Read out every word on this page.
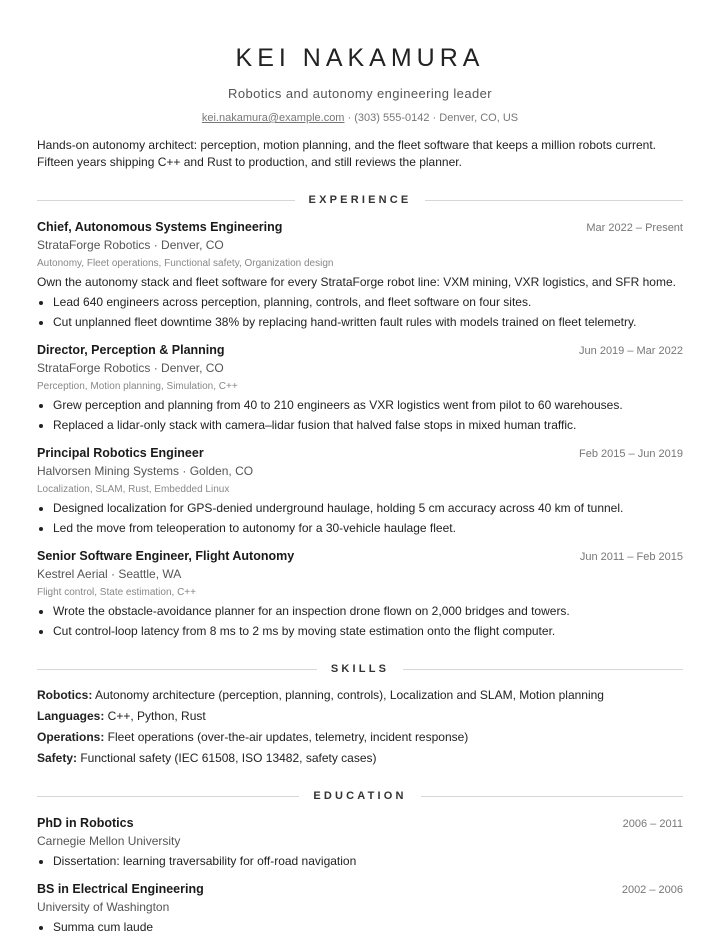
KEI NAKAMURA
Robotics and autonomy engineering leader
kei.nakamura@example.com · (303) 555-0142 · Denver, CO, US
Hands-on autonomy architect: perception, motion planning, and the fleet software that keeps a million robots current. Fifteen years shipping C++ and Rust to production, and still reviews the planner.
EXPERIENCE
Chief, Autonomous Systems Engineering	Mar 2022 – Present
StrataForge Robotics · Denver, CO
Autonomy, Fleet operations, Functional safety, Organization design
Own the autonomy stack and fleet software for every StrataForge robot line: VXM mining, VXR logistics, and SFR home.
• Lead 640 engineers across perception, planning, controls, and fleet software on four sites.
• Cut unplanned fleet downtime 38% by replacing hand-written fault rules with models trained on fleet telemetry.
Director, Perception & Planning	Jun 2019 – Mar 2022
StrataForge Robotics · Denver, CO
Perception, Motion planning, Simulation, C++
• Grew perception and planning from 40 to 210 engineers as VXR logistics went from pilot to 60 warehouses.
• Replaced a lidar-only stack with camera–lidar fusion that halved false stops in mixed human traffic.
Principal Robotics Engineer	Feb 2015 – Jun 2019
Halvorsen Mining Systems · Golden, CO
Localization, SLAM, Rust, Embedded Linux
• Designed localization for GPS-denied underground haulage, holding 5 cm accuracy across 40 km of tunnel.
• Led the move from teleoperation to autonomy for a 30-vehicle haulage fleet.
Senior Software Engineer, Flight Autonomy	Jun 2011 – Feb 2015
Kestrel Aerial · Seattle, WA
Flight control, State estimation, C++
• Wrote the obstacle-avoidance planner for an inspection drone flown on 2,000 bridges and towers.
• Cut control-loop latency from 8 ms to 2 ms by moving state estimation onto the flight computer.
SKILLS
Robotics: Autonomy architecture (perception, planning, controls), Localization and SLAM, Motion planning
Languages: C++, Python, Rust
Operations: Fleet operations (over-the-air updates, telemetry, incident response)
Safety: Functional safety (IEC 61508, ISO 13482, safety cases)
EDUCATION
PhD in Robotics	2006 – 2011
Carnegie Mellon University
• Dissertation: learning traversability for off-road navigation
BS in Electrical Engineering	2002 – 2006
University of Washington
• Summa cum laude
